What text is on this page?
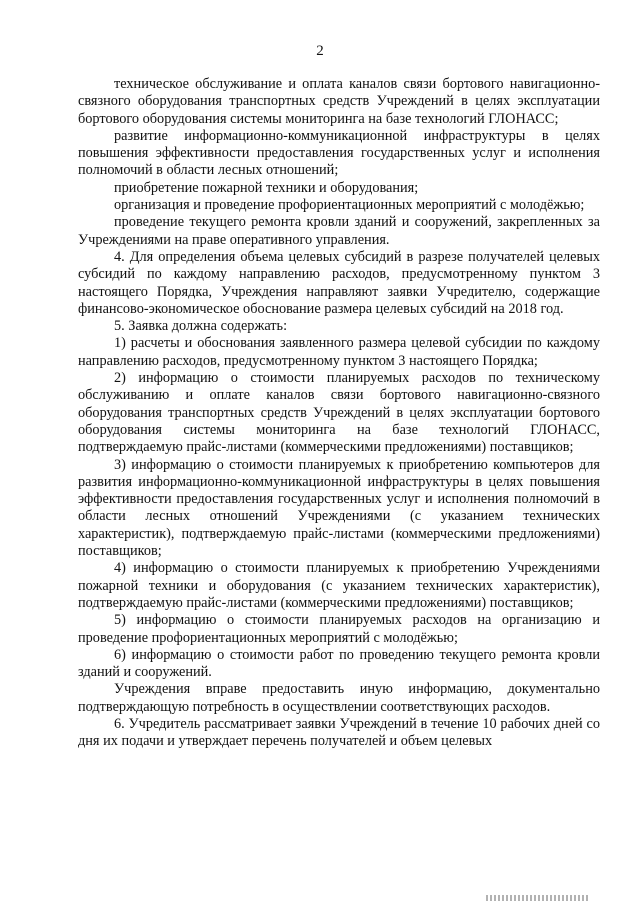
2

техническое обслуживание и оплата каналов связи бортового навигационно-связного оборудования транспортных средств Учреждений в целях эксплуатации бортового оборудования системы мониторинга на базе технологий ГЛОНАСС;

развитие информационно-коммуникационной инфраструктуры в целях повышения эффективности предоставления государственных услуг и исполнения полномочий в области лесных отношений;

приобретение пожарной техники и оборудования;

организация и проведение профориентационных мероприятий с молодёжью;

проведение текущего ремонта кровли зданий и сооружений, закрепленных за Учреждениями на праве оперативного управления.

4. Для определения объема целевых субсидий в разрезе получателей целевых субсидий по каждому направлению расходов, предусмотренному пунктом 3 настоящего Порядка, Учреждения направляют заявки Учредителю, содержащие финансово-экономическое обоснование размера целевых субсидий на 2018 год.

5. Заявка должна содержать:

1) расчеты и обоснования заявленного размера целевой субсидии по каждому направлению расходов, предусмотренному пунктом 3 настоящего Порядка;

2) информацию о стоимости планируемых расходов по техническому обслуживанию и оплате каналов связи бортового навигационно-связного оборудования транспортных средств Учреждений в целях эксплуатации бортового оборудования системы мониторинга на базе технологий ГЛОНАСС, подтверждаемую прайс-листами (коммерческими предложениями) поставщиков;

3) информацию о стоимости планируемых к приобретению компьютеров для развития информационно-коммуникационной инфраструктуры в целях повышения эффективности предоставления государственных услуг и исполнения полномочий в области лесных отношений Учреждениями (с указанием технических характеристик), подтверждаемую прайс-листами (коммерческими предложениями) поставщиков;

4) информацию о стоимости планируемых к приобретению Учреждениями пожарной техники и оборудования (с указанием технических характеристик), подтверждаемую прайс-листами (коммерческими предложениями) поставщиков;

5) информацию о стоимости планируемых расходов на организацию и проведение профориентационных мероприятий с молодёжью;

6) информацию о стоимости работ по проведению текущего ремонта кровли зданий и сооружений.

Учреждения вправе предоставить иную информацию, документально подтверждающую потребность в осуществлении соответствующих расходов.

6. Учредитель рассматривает заявки Учреждений в течение 10 рабочих дней со дня их подачи и утверждает перечень получателей и объем целевых
